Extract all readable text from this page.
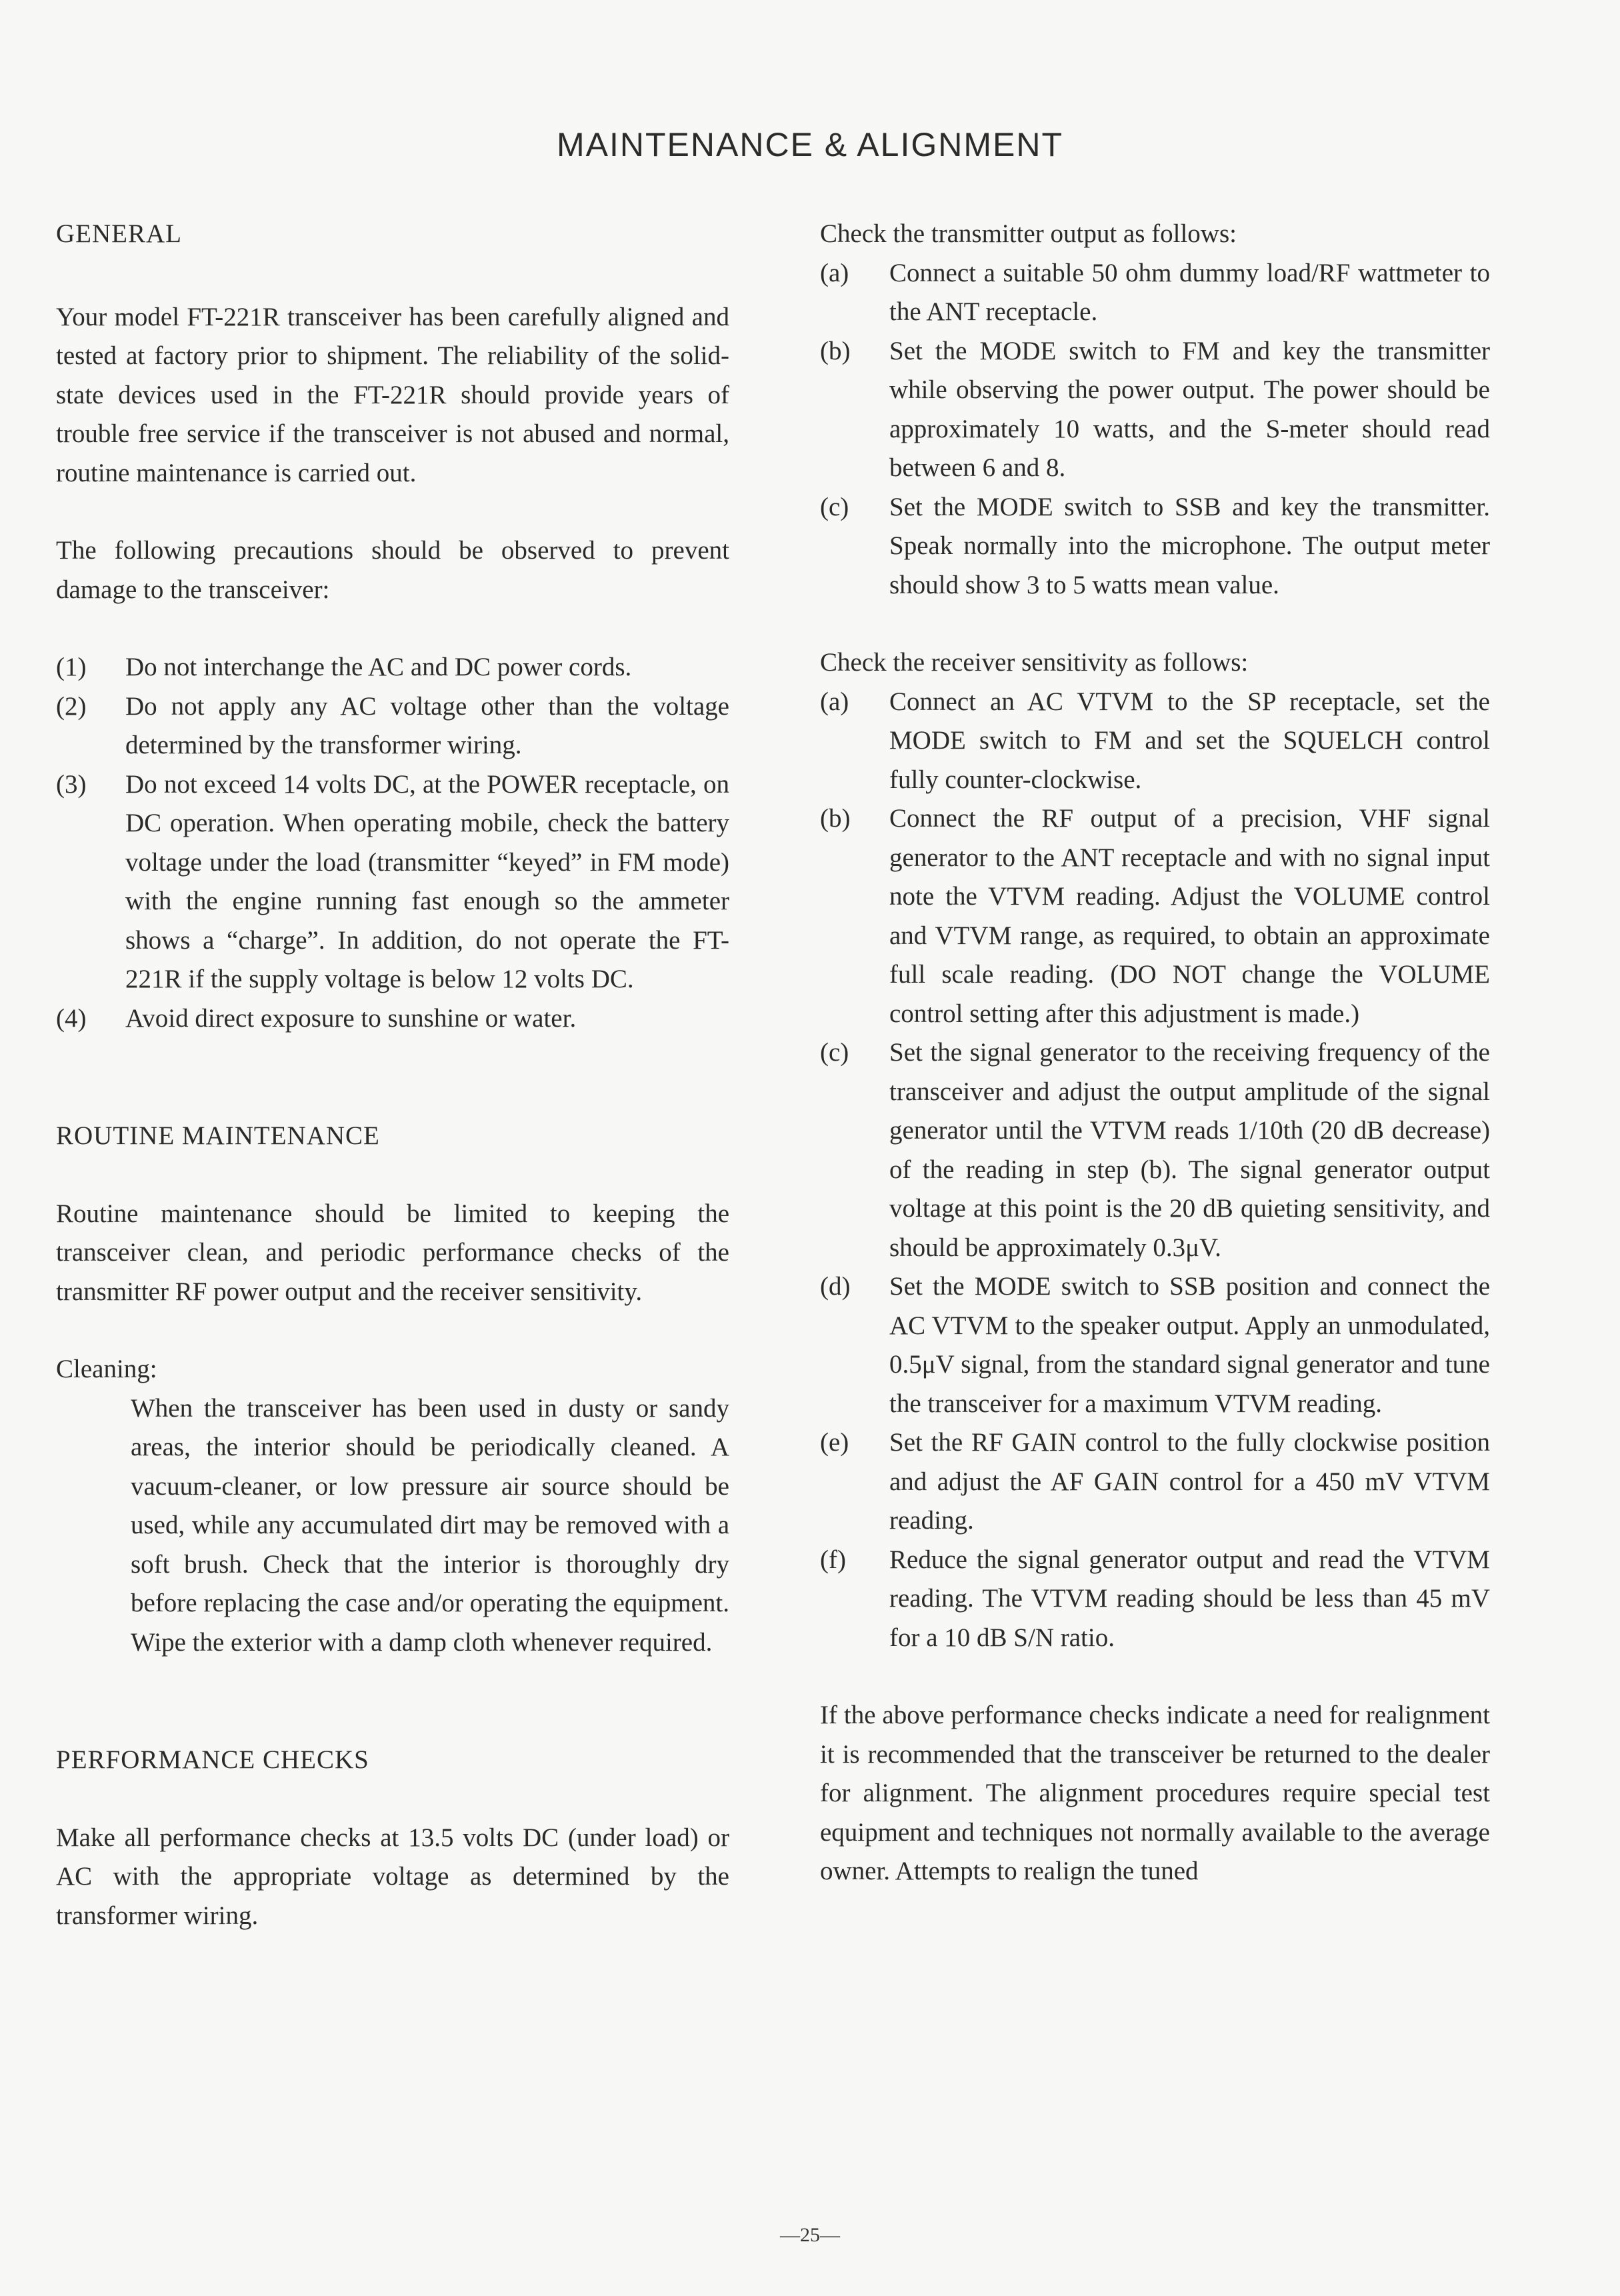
MAINTENANCE & ALIGNMENT
GENERAL

Your model FT-221R transceiver has been carefully aligned and tested at factory prior to shipment. The reliability of the solid-state devices used in the FT-221R should provide years of trouble free service if the transceiver is not abused and normal, routine maintenance is carried out.

The following precautions should be observed to prevent damage to the transceiver:

(1) Do not interchange the AC and DC power cords.
(2) Do not apply any AC voltage other than the voltage determined by the transformer wiring.
(3) Do not exceed 14 volts DC, at the POWER receptacle, on DC operation. When operating mobile, check the battery voltage under the load (transmitter “keyed” in FM mode) with the engine running fast enough so the ammeter shows a “charge”. In addition, do not operate the FT-221R if the supply voltage is below 12 volts DC.
(4) Avoid direct exposure to sunshine or water.
ROUTINE MAINTENANCE

Routine maintenance should be limited to keeping the transceiver clean, and periodic performance checks of the transmitter RF power output and the receiver sensitivity.

Cleaning:

When the transceiver has been used in dusty or sandy areas, the interior should be periodically cleaned. A vacuum-cleaner, or low pressure air source should be used, while any accumulated dirt may be removed with a soft brush. Check that the interior is thoroughly dry before replacing the case and/or operating the equipment. Wipe the exterior with a damp cloth whenever required.

PERFORMANCE CHECKS

Make all performance checks at 13.5 volts DC (under load) or AC with the appropriate voltage as determined by the transformer wiring.

Check the transmitter output as follows:

(a) Connect a suitable 50 ohm dummy load/RF wattmeter to the ANT receptacle.
(b) Set the MODE switch to FM and key the transmitter while observing the power output. The power should be approximately 10 watts, and the S-meter should read between 6 and 8.
(c) Set the MODE switch to SSB and key the transmitter. Speak normally into the microphone. The output meter should show 3 to 5 watts mean value.

Check the receiver sensitivity as follows:

(a) Connect an AC VTVM to the SP receptacle, set the MODE switch to FM and set the SQUELCH control fully counter-clockwise.
(b) Connect the RF output of a precision, VHF signal generator to the ANT receptacle and with no signal input note the VTVM reading. Adjust the VOLUME control and VTVM range, as required, to obtain an approximate full scale reading. (DO NOT change the VOLUME control setting after this adjustment is made.)
(c) Set the signal generator to the receiving frequency of the transceiver and adjust the output amplitude of the signal generator until the VTVM reads 1/10th (20 dB decrease) of the reading in step (b). The signal generator output voltage at this point is the 20 dB quieting sensitivity, and should be approximately 0.3μV.
(d) Set the MODE switch to SSB position and connect the AC VTVM to the speaker output. Apply an unmodulated, 0.5μV signal, from the standard signal generator and tune the transceiver for a maximum VTVM reading.
(e) Set the RF GAIN control to the fully clockwise position and adjust the AF GAIN control for a 450 mV VTVM reading.
(f) Reduce the signal generator output and read the VTVM reading. The VTVM reading should be less than 45 mV for a 10 dB S/N ratio.

If the above performance checks indicate a need for realignment it is recommended that the transceiver be returned to the dealer for alignment. The alignment procedures require special test equipment and techniques not normally available to the average owner. Attempts to realign the tuned

—25—
